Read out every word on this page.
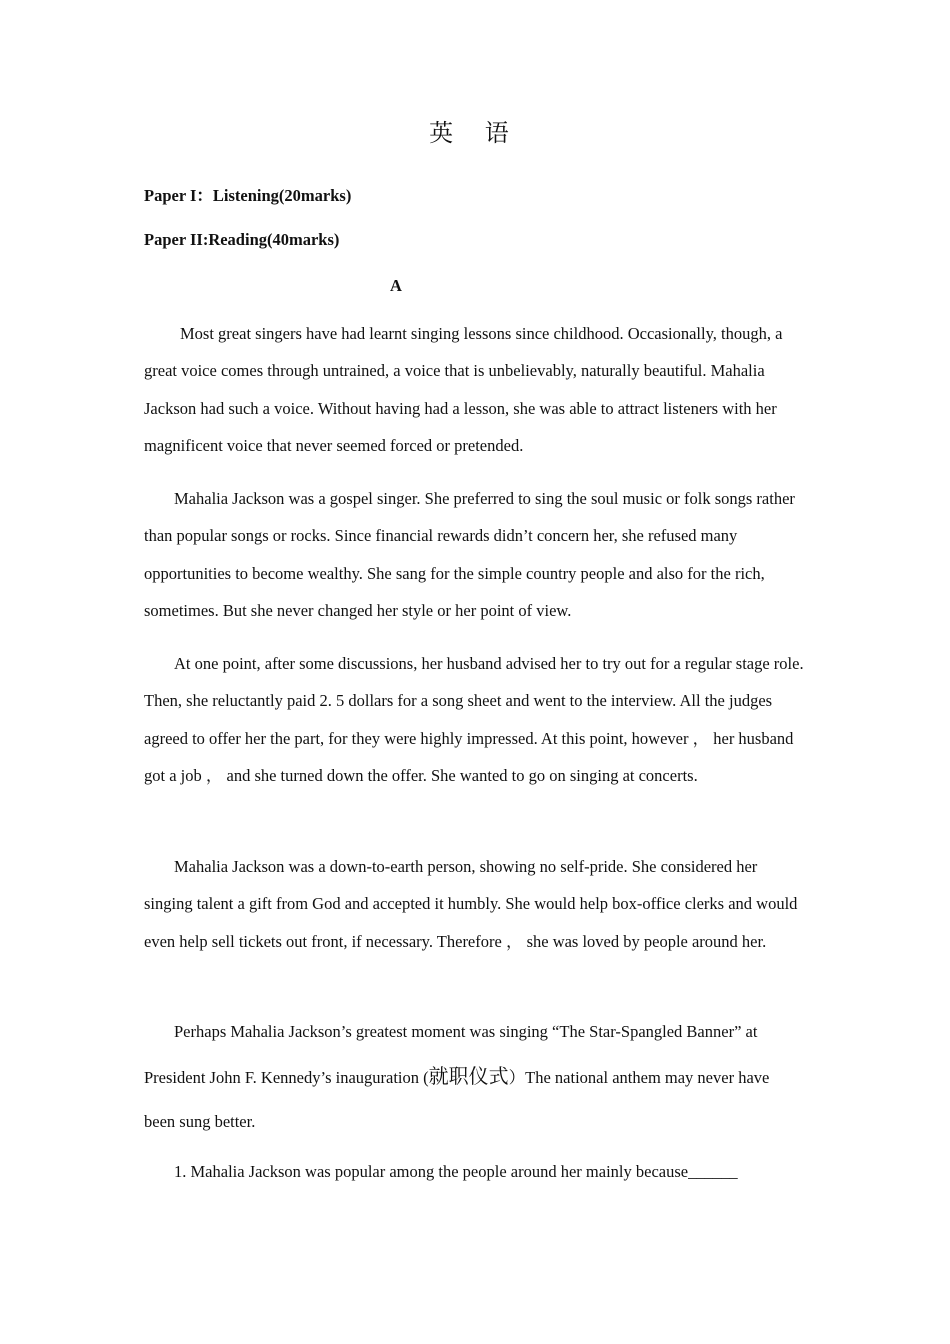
英 语
Paper I：Listening(20marks)
Paper II:Reading(40marks)
A

Most great singers have had learnt singing lessons since childhood. Occasionally, though, a great voice comes through untrained, a voice that is unbelievably, naturally beautiful. Mahalia Jackson had such a voice. Without having had a lesson, she was able to attract listeners with her magnificent voice that never seemed forced or pretended.

Mahalia Jackson was a gospel singer. She preferred to sing the soul music or folk songs rather than popular songs or rocks. Since financial rewards didn’t concern her, she refused many opportunities to become wealthy. She sang for the simple country people and also for the rich, sometimes. But she never changed her style or her point of view.

At one point, after some discussions, her husband advised her to try out for a regular stage role. Then, she reluctantly paid 2. 5 dollars for a song sheet and went to the interview. All the judges agreed to offer her the part, for they were highly impressed. At this point, however ， her husband got a job ， and she turned down the offer. She wanted to go on singing at concerts.

Mahalia Jackson was a down-to-earth person, showing no self-pride. She considered her singing talent a gift from God and accepted it humbly. She would help box-office clerks and would even help sell tickets out front, if necessary. Therefore ， she was loved by people around her.

Perhaps Mahalia Jackson’s greatest moment was singing “The Star-Spangled Banner” at President John F. Kennedy’s inauguration (就职仪式）The national anthem may never have been sung better.

1. Mahalia Jackson was popular among the people around her mainly because______
